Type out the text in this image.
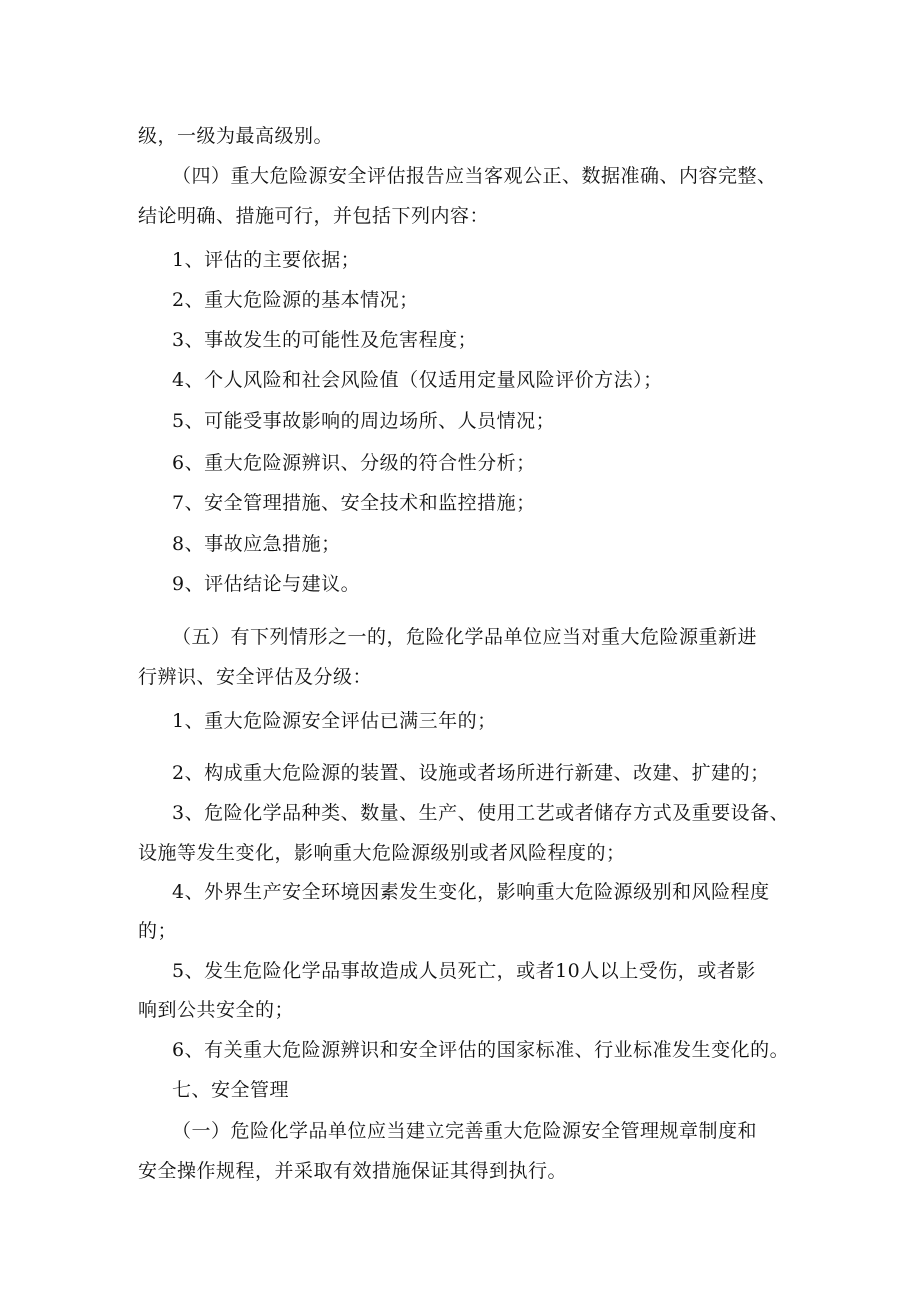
级，一级为最高级别。

（四）重大危险源安全评估报告应当客观公正、数据准确、内容完整、

结论明确、措施可行，并包括下列内容：

1、评估的主要依据；

2、重大危险源的基本情况；

3、事故发生的可能性及危害程度；

4、个人风险和社会风险值（仅适用定量风险评价方法）；

5、可能受事故影响的周边场所、人员情况；

6、重大危险源辨识、分级的符合性分析；

7、安全管理措施、安全技术和监控措施；

8、事故应急措施；

9、评估结论与建议。

（五）有下列情形之一的，危险化学品单位应当对重大危险源重新进

行辨识、安全评估及分级：

1、重大危险源安全评估已满三年的；

2、构成重大危险源的装置、设施或者场所进行新建、改建、扩建的；

3、危险化学品种类、数量、生产、使用工艺或者储存方式及重要设备、

设施等发生变化，影响重大危险源级别或者风险程度的；

4、外界生产安全环境因素发生变化，影响重大危险源级别和风险程度

的；

5、发生危险化学品事故造成人员死亡，或者10人以上受伤，或者影

响到公共安全的；

6、有关重大危险源辨识和安全评估的国家标准、行业标准发生变化的。

七、安全管理

（一）危险化学品单位应当建立完善重大危险源安全管理规章制度和

安全操作规程，并采取有效措施保证其得到执行。
